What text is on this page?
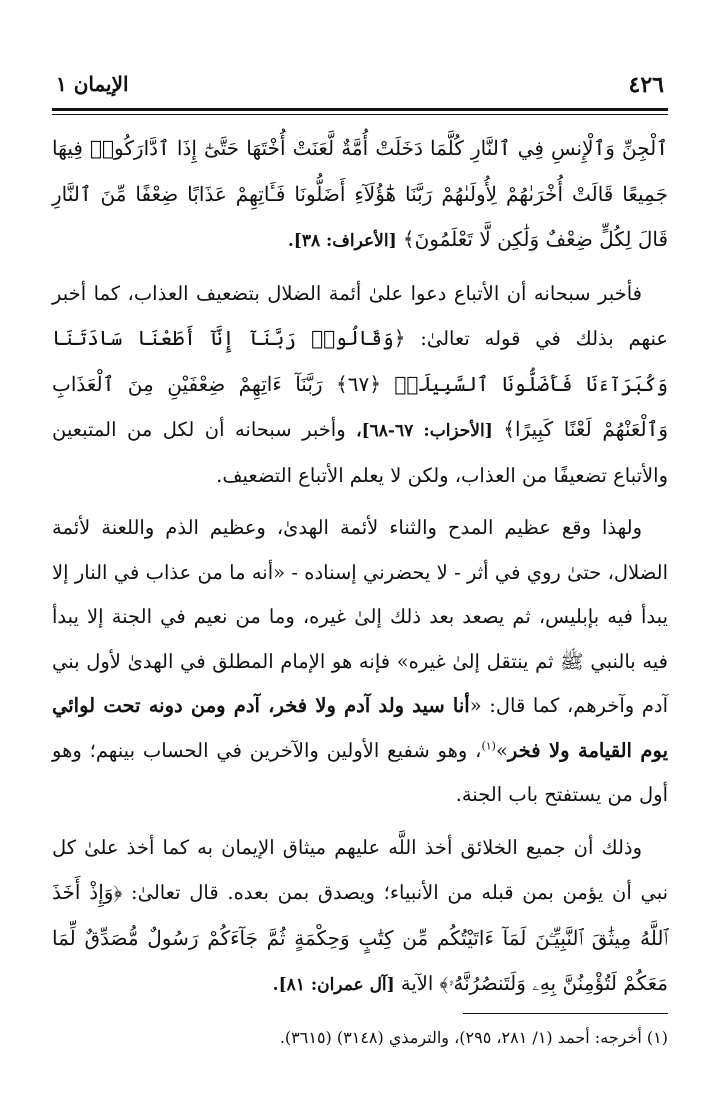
٤٢٦
الإيمان ١

ٱلْجِنِّ وَٱلْإِنسِ فِي ٱلنَّارِ كُلَّمَا دَخَلَتْ أُمَّةٌ لَّعَنَتْ أُخْتَهَا حَتَّىٰٓ إِذَا ٱدَّارَكُوا۟ فِيهَا جَمِيعًا قَالَتْ أُخْرَىٰهُمْ لِأُولَىٰهُمْ رَبَّنَا هَٰٓؤُلَآءِ أَضَلُّونَا فَـَٔاتِهِمْ عَذَابًا ضِعْفًا مِّنَ ٱلنَّارِ قَالَ لِكُلٍّ ضِعْفٌ وَلَٰكِن لَّا تَعْلَمُونَ﴾ [الأعراف: ٣٨].

فأخبر سبحانه أن الأتباع دعوا علىٰ أئمة الضلال بتضعيف العذاب، كما أخبر عنهم بذلك في قوله تعالىٰ: ﴿وَقَالُوا۟ رَبَّنَآ إِنَّآ أَطَعْنَا سَادَتَنَا وَكُبَرَآءَنَا فَأَضَلُّونَا ٱلسَّبِيلَا۠ ﴿٦٧﴾ رَبَّنَآ ءَاتِهِمْ ضِعْفَيْنِ مِنَ ٱلْعَذَابِ وَٱلْعَنْهُمْ لَعْنًا كَبِيرًا﴾ [الأحزاب: ٦٧-٦٨]، وأخبر سبحانه أن لكل من المتبعين والأتباع تضعيفًا من العذاب، ولكن لا يعلم الأتباع التضعيف.

ولهذا وقع عظيم المدح والثناء لأئمة الهدىٰ، وعظيم الذم واللعنة لأئمة الضلال، حتىٰ روي في أثر - لا يحضرني إسناده - «أنه ما من عذاب في النار إلا يبدأ فيه بإبليس، ثم يصعد بعد ذلك إلىٰ غيره، وما من نعيم في الجنة إلا يبدأ فيه بالنبي ﷺ ثم ينتقل إلىٰ غيره» فإنه هو الإمام المطلق في الهدىٰ لأول بني آدم وآخرهم، كما قال: «أنا سيد ولد آدم ولا فخر، آدم ومن دونه تحت لوائي يوم القيامة ولا فخر»$^{(١)}$، وهو شفيع الأولين والآخرين في الحساب بينهم؛ وهو أول من يستفتح باب الجنة.

وذلك أن جميع الخلائق أخذ اللَّه عليهم ميثاق الإيمان به كما أخذ علىٰ كل نبي أن يؤمن بمن قبله من الأنبياء؛ ويصدق بمن بعده. قال تعالىٰ: ﴿وَإِذْ أَخَذَ ٱللَّهُ مِيثَٰقَ ٱلنَّبِيِّـۧنَ لَمَآ ءَاتَيْتُكُم مِّن كِتَٰبٍ وَحِكْمَةٍ ثُمَّ جَآءَكُمْ رَسُولٌ مُّصَدِّقٌ لِّمَا مَعَكُمْ لَتُؤْمِنُنَّ بِهِۦ وَلَتَنصُرُنَّهُۥ﴾ الآية [آل عمران: ٨١].

(١) أخرجه: أحمد (١/ ٢٨١، ٢٩٥)، والترمذي (٣١٤٨) (٣٦١٥).
